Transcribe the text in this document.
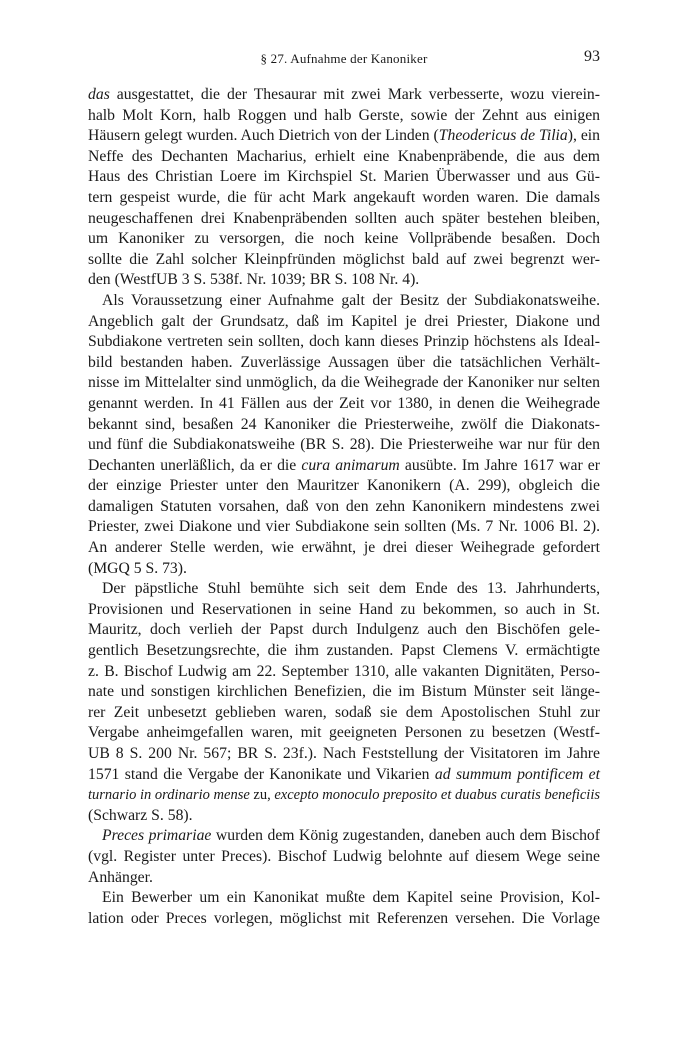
§ 27. Aufnahme der Kanoniker	93
das ausgestattet, die der Thesaurar mit zwei Mark verbesserte, wozu vierein-
halb Molt Korn, halb Roggen und halb Gerste, sowie der Zehnt aus einigen
Häusern gelegt wurden. Auch Dietrich von der Linden (Theodericus de Tilia), ein
Neffe des Dechanten Macharius, erhielt eine Knabenpräbende, die aus dem
Haus des Christian Loere im Kirchspiel St. Marien Überwasser und aus Gü-
tern gespeist wurde, die für acht Mark angekauft worden waren. Die damals
neugeschaffenen drei Knabenpräbenden sollten auch später bestehen bleiben,
um Kanoniker zu versorgen, die noch keine Vollpräbende besaßen. Doch
sollte die Zahl solcher Kleinpfründen möglichst bald auf zwei begrenzt wer-
den (WestfUB 3 S. 538f. Nr. 1039; BR S. 108 Nr. 4).
Als Voraussetzung einer Aufnahme galt der Besitz der Subdiakonatsweihe.
Angeblich galt der Grundsatz, daß im Kapitel je drei Priester, Diakone und
Subdiakone vertreten sein sollten, doch kann dieses Prinzip höchstens als Ideal-
bild bestanden haben. Zuverlässige Aussagen über die tatsächlichen Verhält-
nisse im Mittelalter sind unmöglich, da die Weihegrade der Kanoniker nur selten
genannt werden. In 41 Fällen aus der Zeit vor 1380, in denen die Weihegrade
bekannt sind, besaßen 24 Kanoniker die Priesterweihe, zwölf die Diakonats-
und fünf die Subdiakonatsweihe (BR S. 28). Die Priesterweihe war nur für den
Dechanten unerläßlich, da er die cura animarum ausübte. Im Jahre 1617 war er
der einzige Priester unter den Mauritzer Kanonikern (A. 299), obgleich die
damaligen Statuten vorsahen, daß von den zehn Kanonikern mindestens zwei
Priester, zwei Diakone und vier Subdiakone sein sollten (Ms. 7 Nr. 1006 Bl. 2).
An anderer Stelle werden, wie erwähnt, je drei dieser Weihegrade gefordert
(MGQ 5 S. 73).
Der päpstliche Stuhl bemühte sich seit dem Ende des 13. Jahrhunderts,
Provisionen und Reservationen in seine Hand zu bekommen, so auch in St.
Mauritz, doch verlieh der Papst durch Indulgenz auch den Bischöfen gele-
gentlich Besetzungsrechte, die ihm zustanden. Papst Clemens V. ermächtigte
z. B. Bischof Ludwig am 22. September 1310, alle vakanten Dignitäten, Perso-
nate und sonstigen kirchlichen Benefizien, die im Bistum Münster seit länge-
rer Zeit unbesetzt geblieben waren, sodaß sie dem Apostolischen Stuhl zur
Vergabe anheimgefallen waren, mit geeigneten Personen zu besetzen (Westf-
UB 8 S. 200 Nr. 567; BR S. 23f.). Nach Feststellung der Visitatoren im Jahre
1571 stand die Vergabe der Kanonikate und Vikarien ad summum pontificem et
turnario in ordinario mense zu, excepto monoculo preposito et duabus curatis beneficiis
(Schwarz S. 58).
Preces primariae wurden dem König zugestanden, daneben auch dem Bischof
(vgl. Register unter Preces). Bischof Ludwig belohnte auf diesem Wege seine
Anhänger.
Ein Bewerber um ein Kanonikat mußte dem Kapitel seine Provision, Kol-
lation oder Preces vorlegen, möglichst mit Referenzen versehen. Die Vorlage
